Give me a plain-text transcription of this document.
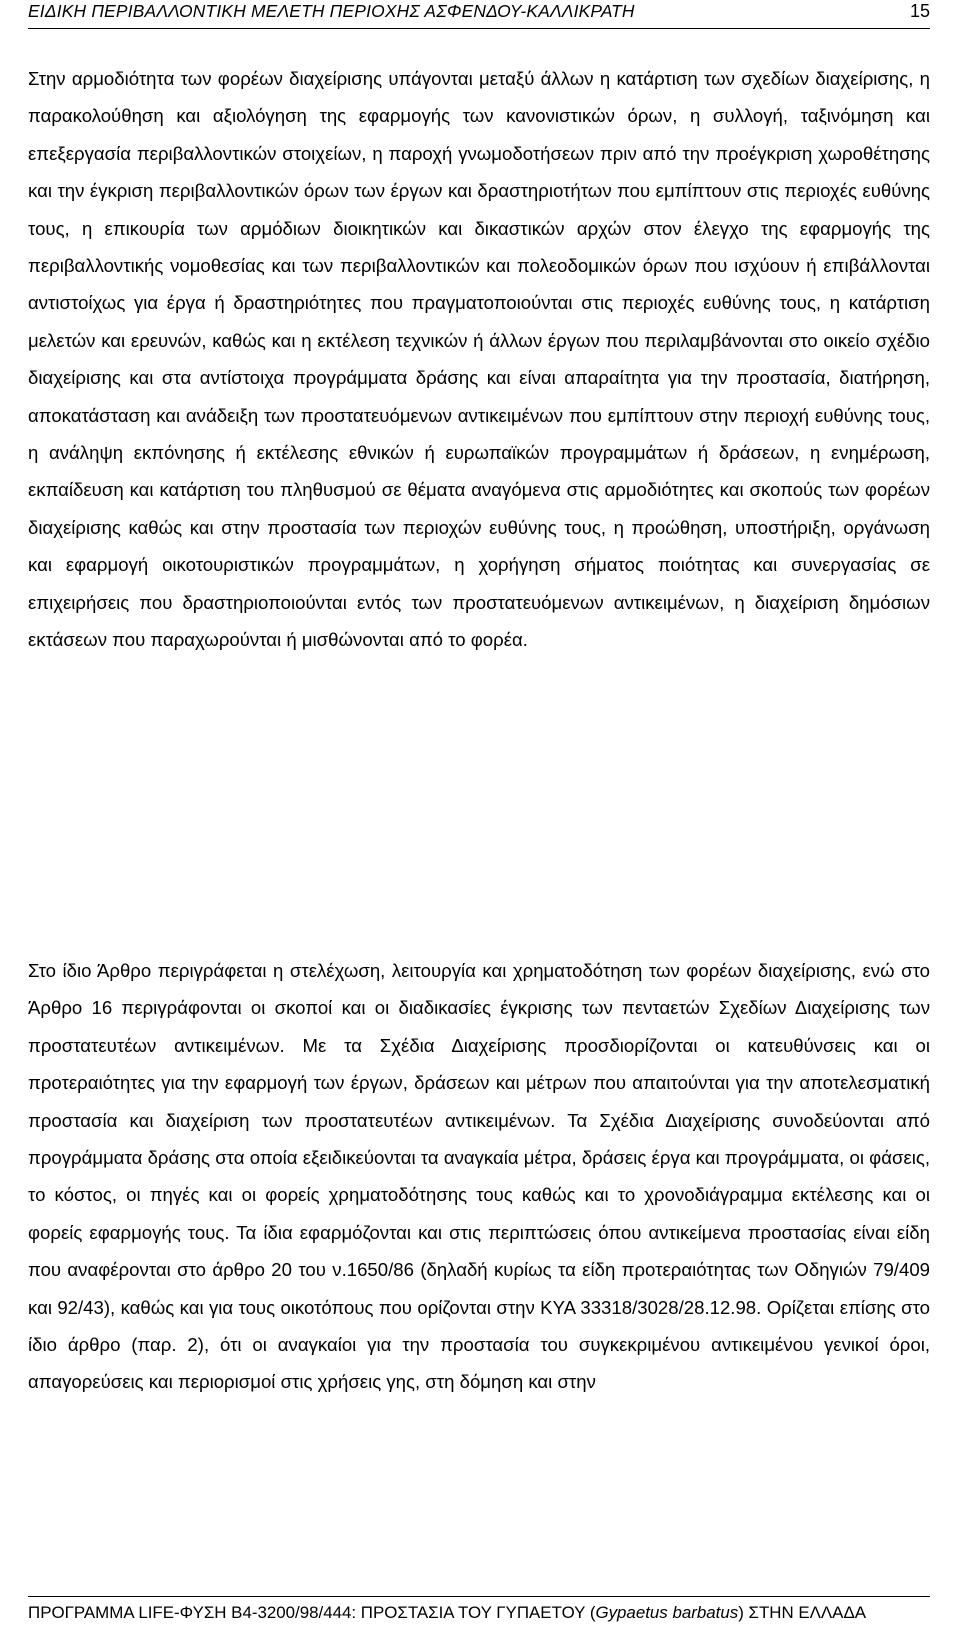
ΕΙΔΙΚΗ ΠΕΡΙΒΑΛΛΟΝΤΙΚΗ ΜΕΛΕΤΗ ΠΕΡΙΟΧΗΣ ΑΣΦΕΝΔΟΥ-ΚΑΛΛΙΚΡΑΤΗ	15

Στην αρμοδιότητα των φορέων διαχείρισης υπάγονται μεταξύ άλλων η κατάρτιση των σχεδίων διαχείρισης, η παρακολούθηση και αξιολόγηση της εφαρμογής των κανονιστικών όρων, η συλλογή, ταξινόμηση και επεξεργασία περιβαλλοντικών στοιχείων, η παροχή γνωμοδοτήσεων πριν από την προέγκριση χωροθέτησης και την έγκριση περιβαλλοντικών όρων των έργων και δραστηριοτήτων που εμπίπτουν στις περιοχές ευθύνης τους, η επικουρία των αρμόδιων διοικητικών και δικαστικών αρχών στον έλεγχο της εφαρμογής της περιβαλλοντικής νομοθεσίας και των περιβαλλοντικών και πολεοδομικών όρων που ισχύουν ή επιβάλλονται αντιστοίχως για έργα ή δραστηριότητες που πραγματοποιούνται στις περιοχές ευθύνης τους, η κατάρτιση μελετών και ερευνών, καθώς και η εκτέλεση τεχνικών ή άλλων έργων που περιλαμβάνονται στο οικείο σχέδιο διαχείρισης και στα αντίστοιχα προγράμματα δράσης και είναι απαραίτητα για την προστασία, διατήρηση, αποκατάσταση και ανάδειξη των προστατευόμενων αντικειμένων που εμπίπτουν στην περιοχή ευθύνης τους, η ανάληψη εκπόνησης ή εκτέλεσης εθνικών ή ευρωπαϊκών προγραμμάτων ή δράσεων, η ενημέρωση, εκπαίδευση και κατάρτιση του πληθυσμού σε θέματα αναγόμενα στις αρμοδιότητες και σκοπούς των φορέων διαχείρισης καθώς και στην προστασία των περιοχών ευθύνης τους, η προώθηση, υποστήριξη, οργάνωση και εφαρμογή οικοτουριστικών προγραμμάτων, η χορήγηση σήματος ποιότητας και συνεργασίας σε επιχειρήσεις που δραστηριοποιούνται εντός των προστατευόμενων αντικειμένων, η διαχείριση δημόσιων εκτάσεων που παραχωρούνται ή μισθώνονται από το φορέα.

Στο ίδιο Άρθρο περιγράφεται η στελέχωση, λειτουργία και χρηματοδότηση των φορέων διαχείρισης, ενώ στο Άρθρο 16 περιγράφονται οι σκοποί και οι διαδικασίες έγκρισης των πενταετών Σχεδίων Διαχείρισης των προστατευτέων αντικειμένων. Με τα Σχέδια Διαχείρισης προσδιορίζονται οι κατευθύνσεις και οι προτεραιότητες για την εφαρμογή των έργων, δράσεων και μέτρων που απαιτούνται για την αποτελεσματική προστασία και διαχείριση των προστατευτέων αντικειμένων. Τα Σχέδια Διαχείρισης συνοδεύονται από προγράμματα δράσης στα οποία εξειδικεύονται τα αναγκαία μέτρα, δράσεις έργα και προγράμματα, οι φάσεις, το κόστος, οι πηγές και οι φορείς χρηματοδότησης τους καθώς και το χρονοδιάγραμμα εκτέλεσης και οι φορείς εφαρμογής τους. Τα ίδια εφαρμόζονται και στις περιπτώσεις όπου αντικείμενα προστασίας είναι είδη που αναφέρονται στο άρθρο 20 του ν.1650/86 (δηλαδή κυρίως τα είδη προτεραιότητας των Οδηγιών 79/409 και 92/43), καθώς και για τους οικοτόπους που ορίζονται στην ΚΥΑ 33318/3028/28.12.98. Ορίζεται επίσης στο ίδιο άρθρο (παρ. 2), ότι οι αναγκαίοι για την προστασία του συγκεκριμένου αντικειμένου γενικοί όροι, απαγορεύσεις και περιορισμοί στις χρήσεις γης, στη δόμηση και στην

ΠΡΟΓΡΑΜΜΑ LIFE-ΦΥΣΗ Β4-3200/98/444: ΠΡΟΣΤΑΣΙΑ ΤΟΥ ΓΥΠΑΕΤΟΥ (Gypaetus barbatus) ΣΤΗΝ ΕΛΛΑΔΑ
